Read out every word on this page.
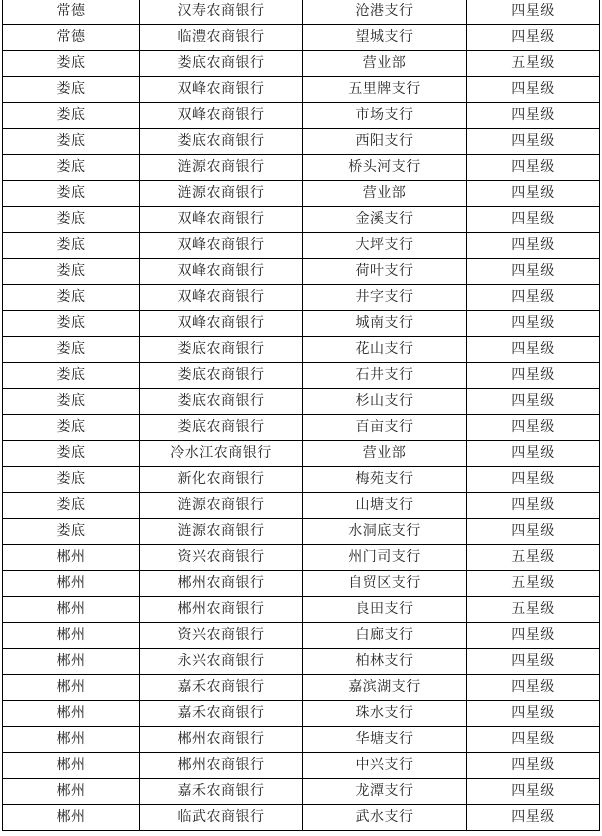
常德	汉寿农商银行	沧港支行	四星级
常德	临澧农商银行	望城支行	四星级
娄底	娄底农商银行	营业部	五星级
娄底	双峰农商银行	五里牌支行	四星级
娄底	双峰农商银行	市场支行	四星级
娄底	娄底农商银行	西阳支行	四星级
娄底	涟源农商银行	桥头河支行	四星级
娄底	涟源农商银行	营业部	四星级
娄底	双峰农商银行	金溪支行	四星级
娄底	双峰农商银行	大坪支行	四星级
娄底	双峰农商银行	荷叶支行	四星级
娄底	双峰农商银行	井字支行	四星级
娄底	双峰农商银行	城南支行	四星级
娄底	娄底农商银行	花山支行	四星级
娄底	娄底农商银行	石井支行	四星级
娄底	娄底农商银行	杉山支行	四星级
娄底	娄底农商银行	百亩支行	四星级
娄底	冷水江农商银行	营业部	四星级
娄底	新化农商银行	梅苑支行	四星级
娄底	涟源农商银行	山塘支行	四星级
娄底	涟源农商银行	水洞底支行	四星级
郴州	资兴农商银行	州门司支行	五星级
郴州	郴州农商银行	自贸区支行	五星级
郴州	郴州农商银行	良田支行	五星级
郴州	资兴农商银行	白廊支行	四星级
郴州	永兴农商银行	柏林支行	四星级
郴州	嘉禾农商银行	嘉滨湖支行	四星级
郴州	嘉禾农商银行	珠水支行	四星级
郴州	郴州农商银行	华塘支行	四星级
郴州	郴州农商银行	中兴支行	四星级
郴州	嘉禾农商银行	龙潭支行	四星级
郴州	临武农商银行	武水支行	四星级
